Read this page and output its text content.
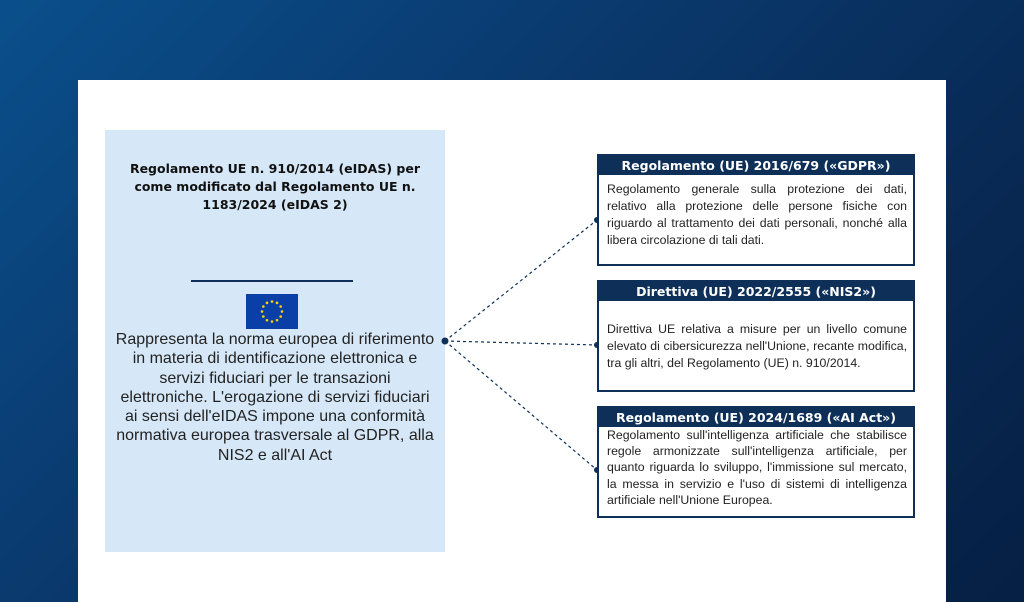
Regolamento UE n. 910/2014 (eIDAS) per come modificato dal Regolamento UE n. 1183/2024 (eIDAS 2)
Rappresenta la norma europea di riferimento in materia di identificazione elettronica e servizi fiduciari per le transazioni elettroniche. L'erogazione di servizi fiduciari ai sensi dell'eIDAS impone una conformità normativa europea trasversale al GDPR, alla NIS2 e all'AI Act
Regolamento (UE) 2016/679 («GDPR»)
Regolamento generale sulla protezione dei dati, relativo alla protezione delle persone fisiche con riguardo al trattamento dei dati personali, nonché alla libera circolazione di tali dati.
Direttiva (UE) 2022/2555 («NIS2»)
Direttiva UE relativa a misure per un livello comune elevato di cibersicurezza nell'Unione, recante modifica, tra gli altri, del Regolamento (UE) n. 910/2014.
Regolamento (UE) 2024/1689 («AI Act»)
Regolamento sull'intelligenza artificiale che stabilisce regole armonizzate sull'intelligenza artificiale, per quanto riguarda lo sviluppo, l'immissione sul mercato, la messa in servizio e l'uso di sistemi di intelligenza artificiale nell'Unione Europea.
